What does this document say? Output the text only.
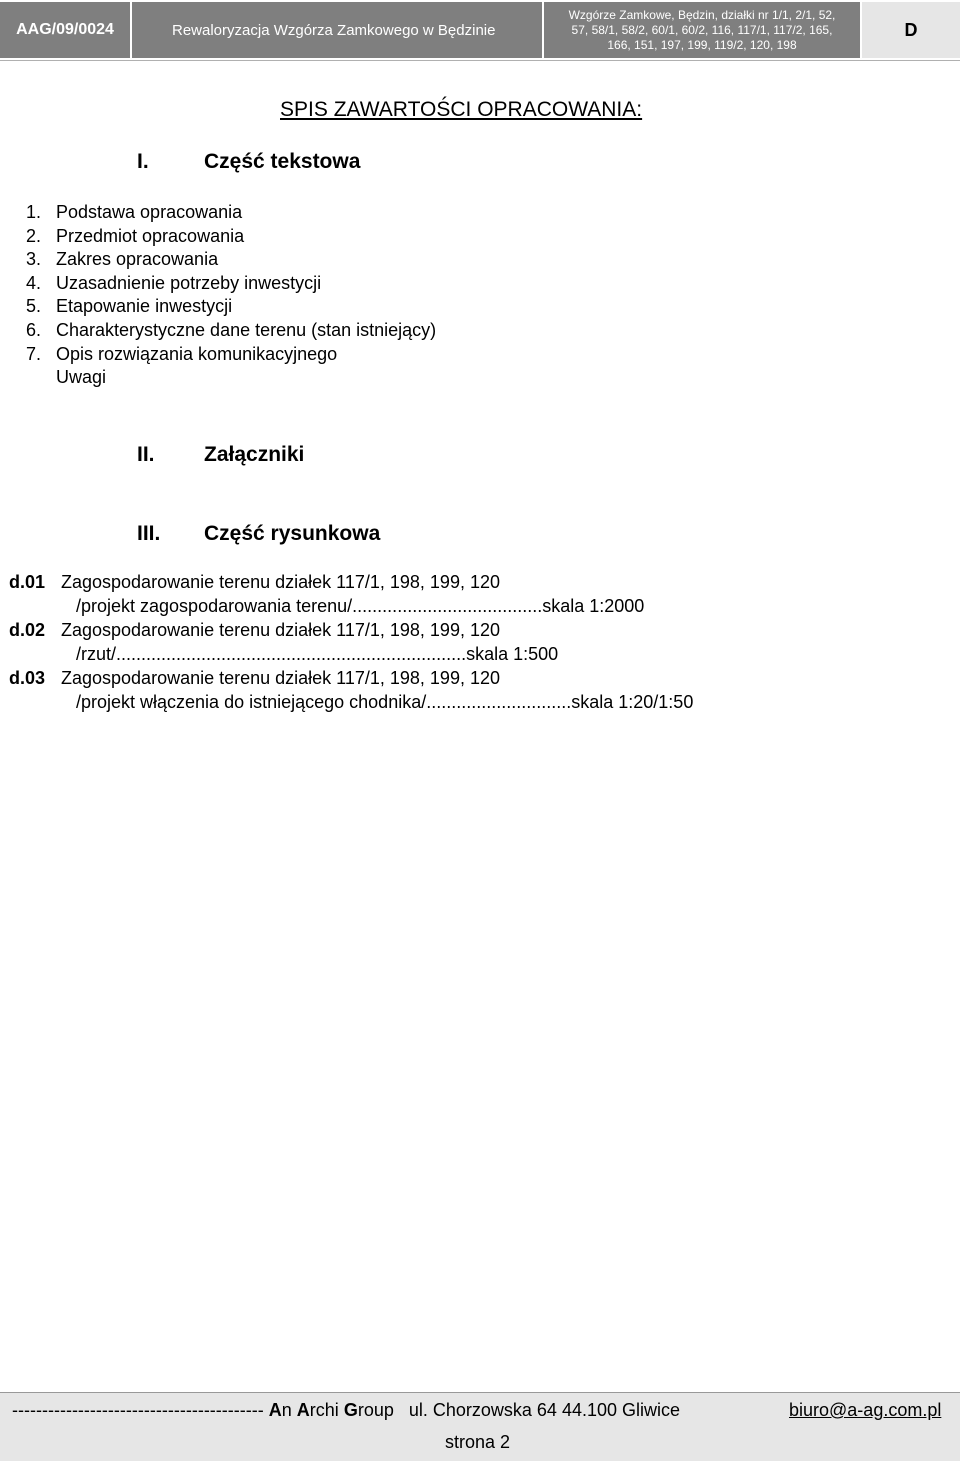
AAG/09/0024	Rewaloryzacja Wzgórza Zamkowego w Będzinie
Wzgórze Zamkowe, Będzin, działki nr 1/1, 2/1, 52,
57, 58/1, 58/2, 60/1, 60/2, 116, 117/1, 117/2, 165,
166, 151, 197, 199, 119/2, 120, 198
D
SPIS ZAWARTOŚCI OPRACOWANIA:
I.	Część tekstowa
1. Podstawa opracowania
2. Przedmiot opracowania
3. Zakres opracowania
4. Uzasadnienie potrzeby inwestycji
5. Etapowanie inwestycji
6. Charakterystyczne dane terenu (stan istniejący)
7. Opis rozwiązania komunikacyjnego
Uwagi
II. Załączniki
III. Część rysunkowa
d.01 Zagospodarowanie terenu działek 117/1, 198, 199, 120
/projekt zagospodarowania terenu/......................................skala 1:2000
d.02 Zagospodarowanie terenu działek 117/1, 198, 199, 120
/rzut/......................................................................skala 1:500
d.03 Zagospodarowanie terenu działek 117/1, 198, 199, 120
/projekt włączenia do istniejącego chodnika/.............................skala 1:20/1:50
------------------------------------------ An Archi Group ul. Chorzowska 64 44.100 Gliwice	biuro@a-ag.com.pl
strona 2
